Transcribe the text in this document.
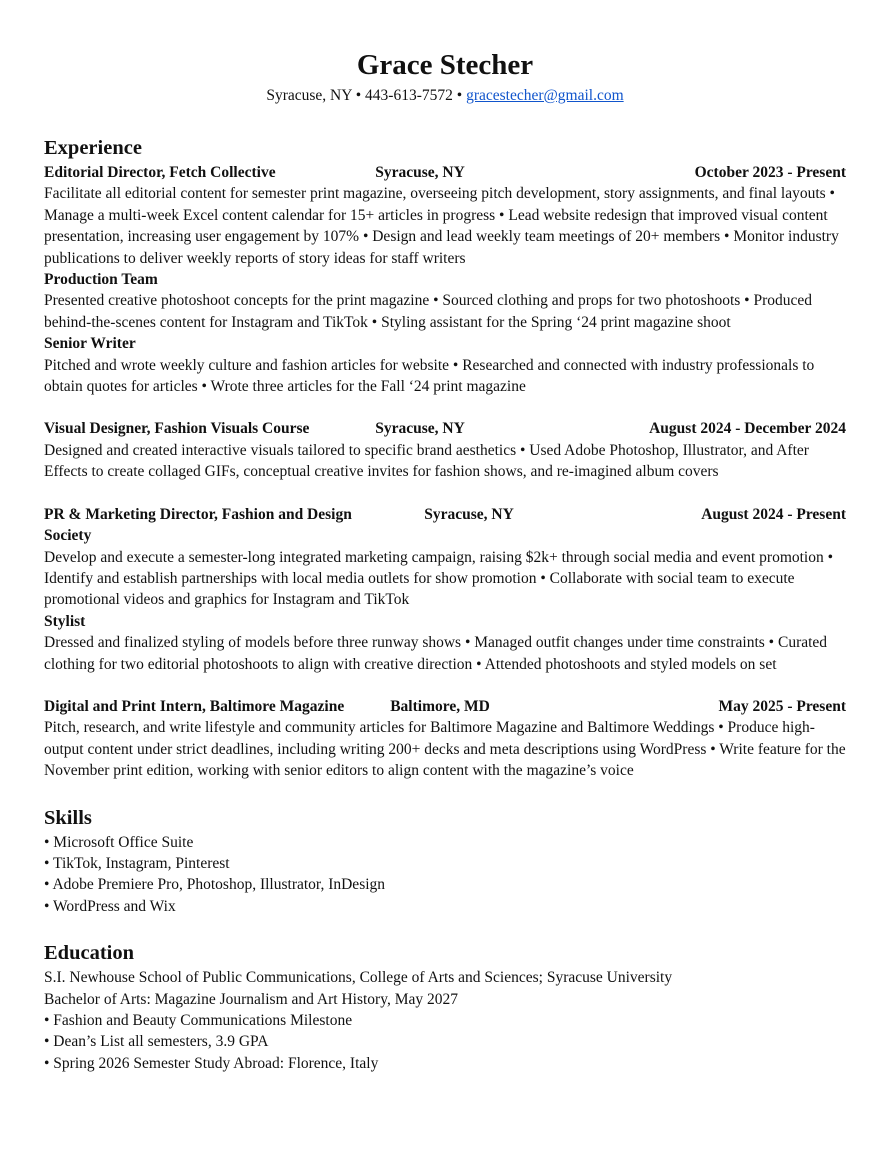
Grace Stecher
Syracuse, NY • 443-613-7572 • gracestecher@gmail.com
Experience
Editorial Director, Fetch Collective	Syracuse, NY	October 2023 - Present
Facilitate all editorial content for semester print magazine, overseeing pitch development, story assignments, and final layouts • Manage a multi-week Excel content calendar for 15+ articles in progress • Lead website redesign that improved visual content presentation, increasing user engagement by 107% • Design and lead weekly team meetings of 20+ members • Monitor industry publications to deliver weekly reports of story ideas for staff writers
Production Team
Presented creative photoshoot concepts for the print magazine • Sourced clothing and props for two photoshoots • Produced behind-the-scenes content for Instagram and TikTok • Styling assistant for the Spring ‘24 print magazine shoot
Senior Writer
Pitched and wrote weekly culture and fashion articles for website • Researched and connected with industry professionals to obtain quotes for articles • Wrote three articles for the Fall ‘24 print magazine
Visual Designer, Fashion Visuals Course	Syracuse, NY	August 2024 - December 2024
Designed and created interactive visuals tailored to specific brand aesthetics • Used Adobe Photoshop, Illustrator, and After Effects to create collaged GIFs, conceptual creative invites for fashion shows, and re-imagined album covers
PR & Marketing Director, Fashion and Design Society
Syracuse, NY	August 2024 - Present
Develop and execute a semester-long integrated marketing campaign, raising $2k+ through social media and event promotion • Identify and establish partnerships with local media outlets for show promotion • Collaborate with social team to execute promotional videos and graphics for Instagram and TikTok
Stylist
Dressed and finalized styling of models before three runway shows • Managed outfit changes under time constraints • Curated clothing for two editorial photoshoots to align with creative direction • Attended photoshoots and styled models on set
Digital and Print Intern, Baltimore Magazine	Baltimore, MD	May 2025 - Present
Pitch, research, and write lifestyle and community articles for Baltimore Magazine and Baltimore Weddings • Produce high-output content under strict deadlines, including writing 200+ decks and meta descriptions using WordPress • Write feature for the November print edition, working with senior editors to align content with the magazine’s voice
Skills
• Microsoft Office Suite
• TikTok, Instagram, Pinterest
• Adobe Premiere Pro, Photoshop, Illustrator, InDesign
• WordPress and Wix
Education
S.I. Newhouse School of Public Communications, College of Arts and Sciences; Syracuse University
Bachelor of Arts: Magazine Journalism and Art History, May 2027
• Fashion and Beauty Communications Milestone
• Dean’s List all semesters, 3.9 GPA
• Spring 2026 Semester Study Abroad: Florence, Italy
